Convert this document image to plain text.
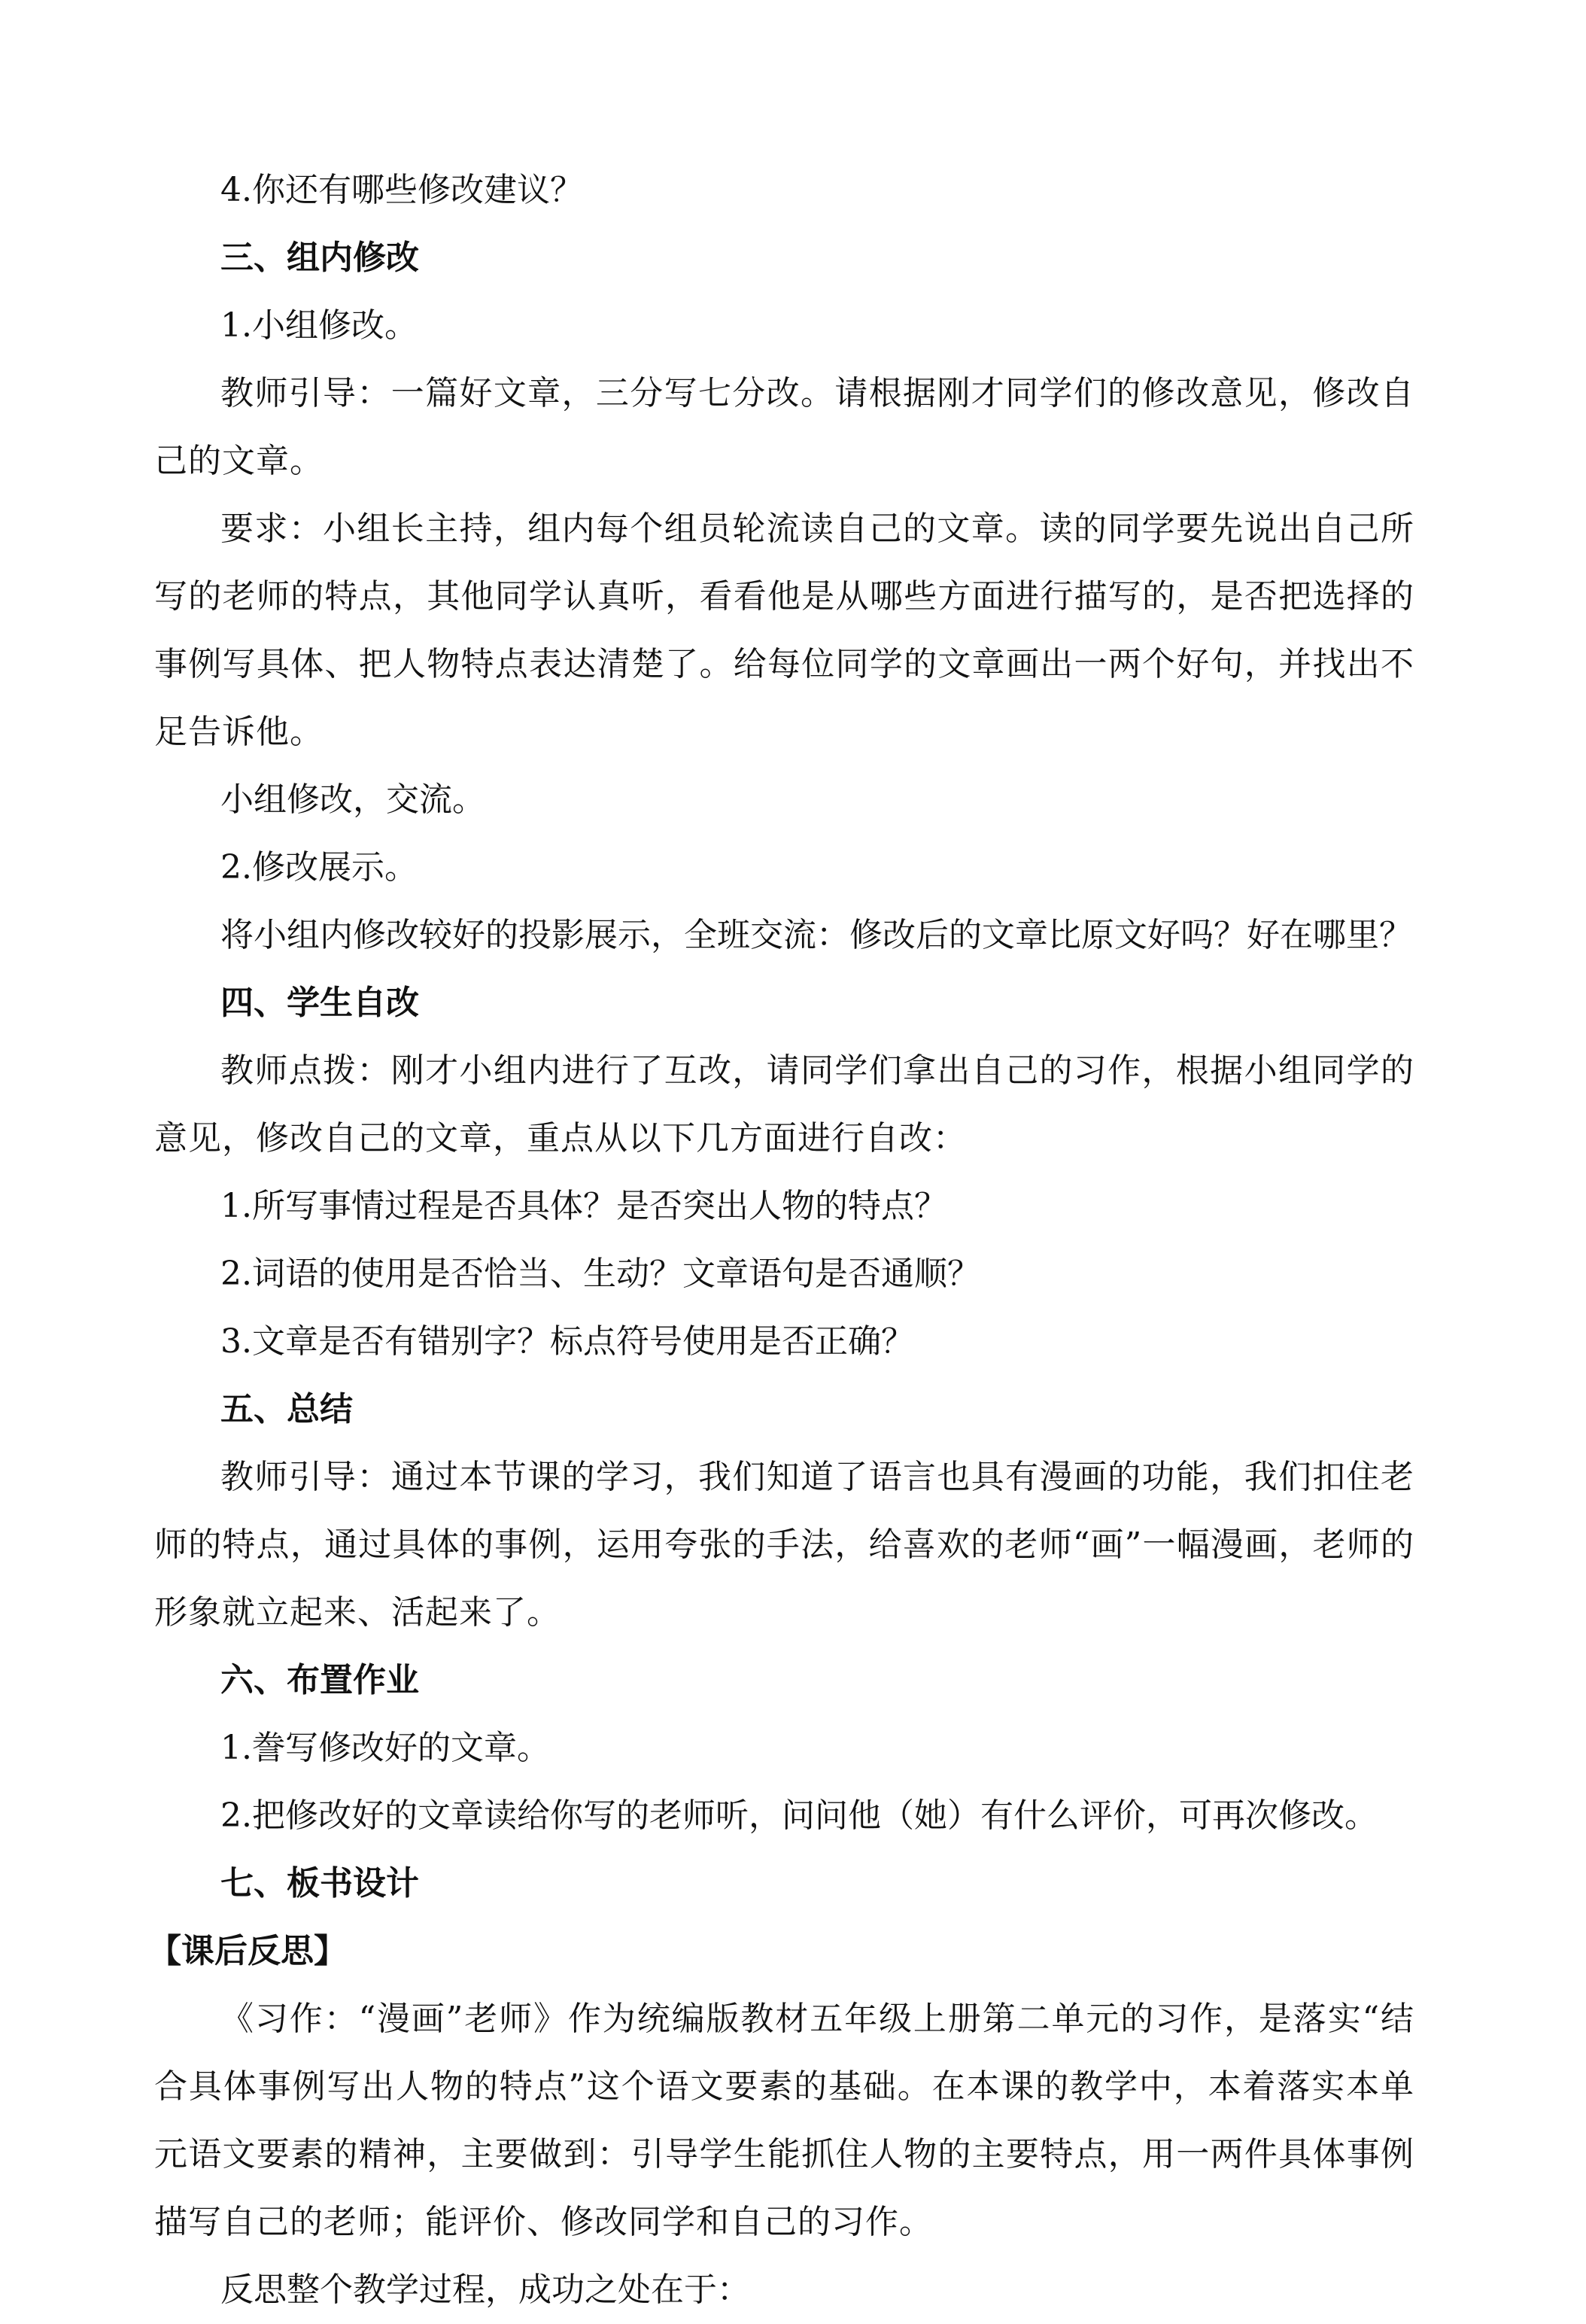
4.你还有哪些修改建议？

三、组内修改

1.小组修改。

教师引导：一篇好文章，三分写七分改。请根据刚才同学们的修改意见，修改自己的文章。

要求：小组长主持，组内每个组员轮流读自己的文章。读的同学要先说出自己所写的老师的特点，其他同学认真听，看看他是从哪些方面进行描写的，是否把选择的事例写具体、把人物特点表达清楚了。给每位同学的文章画出一两个好句，并找出不足告诉他。

小组修改，交流。

2.修改展示。

将小组内修改较好的投影展示，全班交流：修改后的文章比原文好吗？好在哪里？

四、学生自改

教师点拨：刚才小组内进行了互改，请同学们拿出自己的习作，根据小组同学的意见，修改自己的文章，重点从以下几方面进行自改：

1.所写事情过程是否具体？是否突出人物的特点？

2.词语的使用是否恰当、生动？文章语句是否通顺？

3.文章是否有错别字？标点符号使用是否正确？

五、总结

教师引导：通过本节课的学习，我们知道了语言也具有漫画的功能，我们扣住老师的特点，通过具体的事例，运用夸张的手法，给喜欢的老师“画”一幅漫画，老师的形象就立起来、活起来了。

六、布置作业

1.誊写修改好的文章。

2.把修改好的文章读给你写的老师听，问问他（她）有什么评价，可再次修改。

七、板书设计

【课后反思】

《习作：“漫画”老师》作为统编版教材五年级上册第二单元的习作，是落实“结合具体事例写出人物的特点”这个语文要素的基础。在本课的教学中，本着落实本单元语文要素的精神，主要做到：引导学生能抓住人物的主要特点，用一两件具体事例描写自己的老师；能评价、修改同学和自己的习作。

反思整个教学过程，成功之处在于：
